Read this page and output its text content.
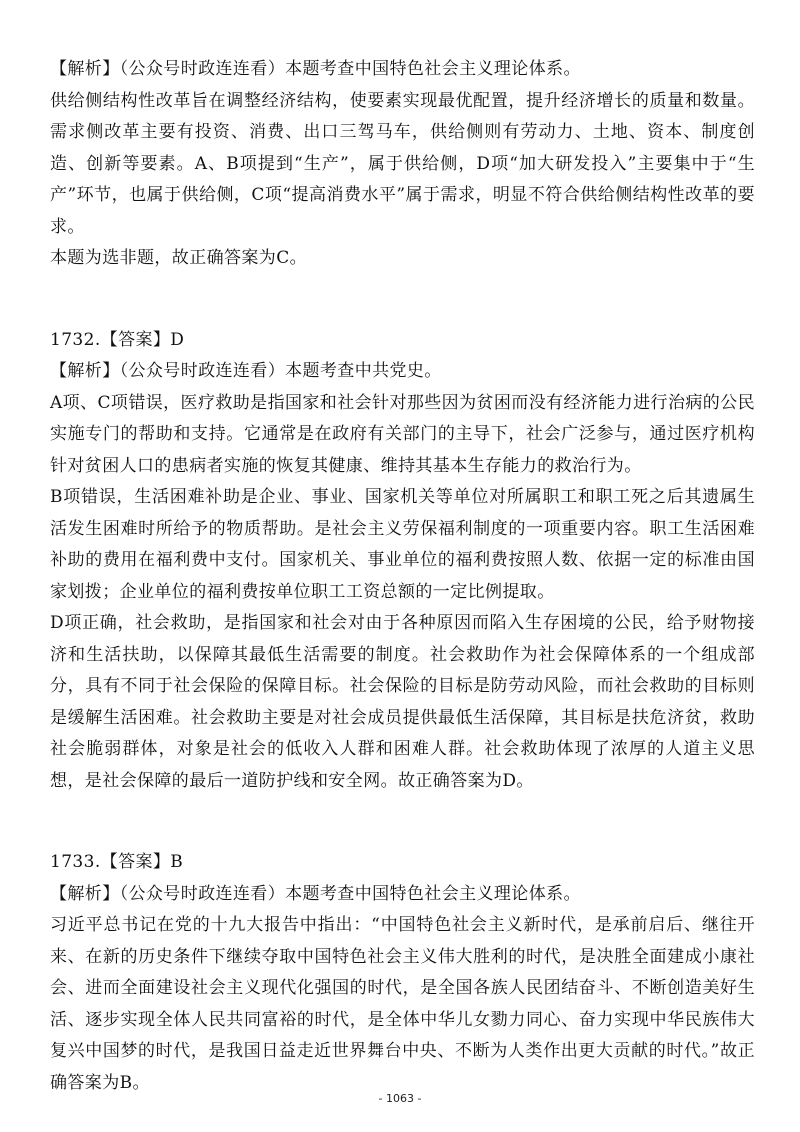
【解析】（公众号时政连连看）本题考查中国特色社会主义理论体系。

供给侧结构性改革旨在调整经济结构，使要素实现最优配置，提升经济增长的质量和数量。需求侧改革主要有投资、消费、出口三驾马车，供给侧则有劳动力、土地、资本、制度创造、创新等要素。A、B项提到“生产”，属于供给侧，D项“加大研发投入”主要集中于“生产”环节，也属于供给侧，C项“提高消费水平”属于需求，明显不符合供给侧结构性改革的要求。

本题为选非题，故正确答案为C。

1732.【答案】D

【解析】（公众号时政连连看）本题考查中共党史。

A项、C项错误，医疗救助是指国家和社会针对那些因为贫困而没有经济能力进行治病的公民实施专门的帮助和支持。它通常是在政府有关部门的主导下，社会广泛参与，通过医疗机构针对贫困人口的患病者实施的恢复其健康、维持其基本生存能力的救治行为。

B项错误，生活困难补助是企业、事业、国家机关等单位对所属职工和职工死之后其遗属生活发生困难时所给予的物质帮助。是社会主义劳保福利制度的一项重要内容。职工生活困难补助的费用在福利费中支付。国家机关、事业单位的福利费按照人数、依据一定的标准由国家划拨；企业单位的福利费按单位职工工资总额的一定比例提取。

D项正确，社会救助，是指国家和社会对由于各种原因而陷入生存困境的公民，给予财物接济和生活扶助，以保障其最低生活需要的制度。社会救助作为社会保障体系的一个组成部分，具有不同于社会保险的保障目标。社会保险的目标是防劳动风险，而社会救助的目标则是缓解生活困难。社会救助主要是对社会成员提供最低生活保障，其目标是扶危济贫，救助社会脆弱群体，对象是社会的低收入人群和困难人群。社会救助体现了浓厚的人道主义思想，是社会保障的最后一道防护线和安全网。故正确答案为D。

1733.【答案】B

【解析】（公众号时政连连看）本题考查中国特色社会主义理论体系。

习近平总书记在党的十九大报告中指出：“中国特色社会主义新时代，是承前启后、继往开来、在新的历史条件下继续夺取中国特色社会主义伟大胜利的时代，是决胜全面建成小康社会、进而全面建设社会主义现代化强国的时代，是全国各族人民团结奋斗、不断创造美好生活、逐步实现全体人民共同富裕的时代，是全体中华儿女勠力同心、奋力实现中华民族伟大复兴中国梦的时代，是我国日益走近世界舞台中央、不断为人类作出更大贡献的时代。”故正确答案为B。

- 1063 -
